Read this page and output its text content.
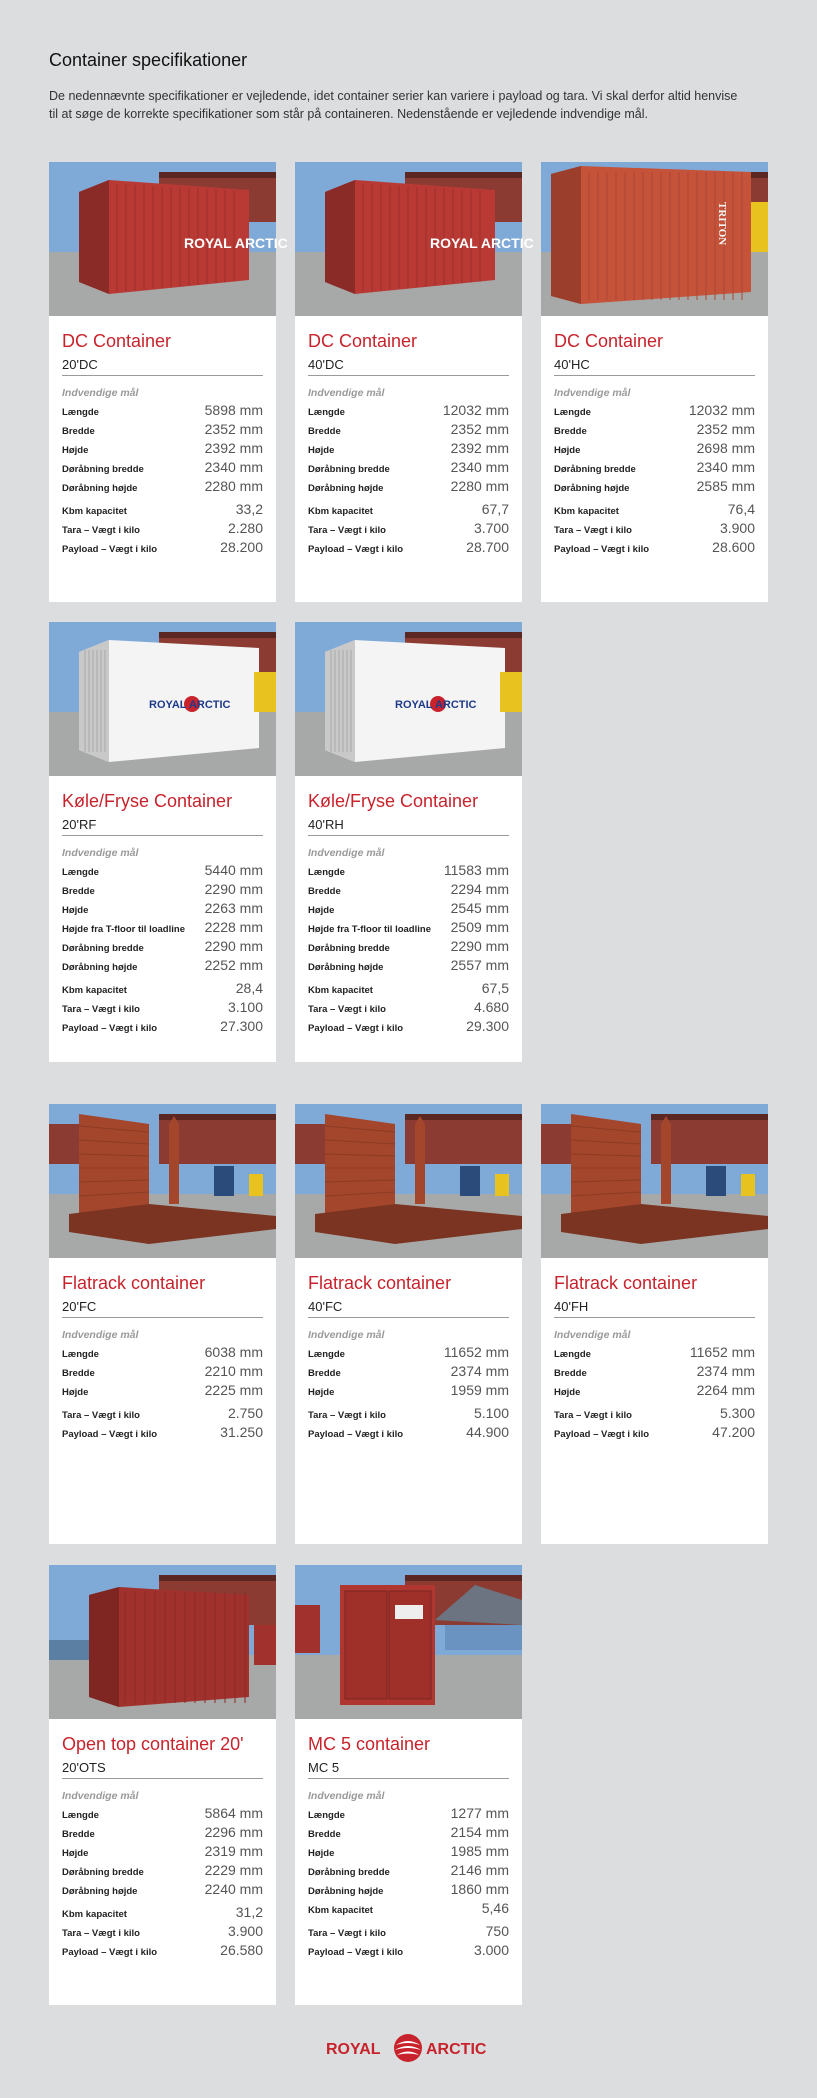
Container specifikationer

De nedennævnte specifikationer er vejledende, idet container serier kan variere i payload og tara. Vi skal derfor altid henvise til at søge de korrekte specifikationer som står på containeren. Nedenstående er vejledende indvendige mål.

ROYAL ARCTIC
DC Container
20'DC
Indvendige mål
Længde	5898 mm
Bredde	2352 mm
Højde	2392 mm
Døråbning bredde	2340 mm
Døråbning højde	2280 mm
Kbm kapacitet	33,2
Tara – Vægt i kilo	2.280
Payload – Vægt i kilo	28.200
ROYAL ARCTIC
DC Container
40'DC
Indvendige mål
Længde	12032 mm
Bredde	2352 mm
Højde	2392 mm
Døråbning bredde	2340 mm
Døråbning højde	2280 mm
Kbm kapacitet	67,7
Tara – Vægt i kilo	3.700
Payload – Vægt i kilo	28.700
TRITON
DC Container
40'HC
Indvendige mål
Længde	12032 mm
Bredde	2352 mm
Højde	2698 mm
Døråbning bredde	2340 mm
Døråbning højde	2585 mm
Kbm kapacitet	76,4
Tara – Vægt i kilo	3.900
Payload – Vægt i kilo	28.600
ROYAL ARCTIC
Køle/Fryse Container
20'RF
Indvendige mål
Længde	5440 mm
Bredde	2290 mm
Højde	2263 mm
Højde fra T-floor til loadline 2228 mm
Døråbning bredde	2290 mm
Døråbning højde	2252 mm
Kbm kapacitet	28,4
Tara – Vægt i kilo	3.100
Payload – Vægt i kilo	27.300
ROYAL ARCTIC
Køle/Fryse Container
40'RH
Indvendige mål
Længde	11583 mm
Bredde	2294 mm
Højde	2545 mm
Højde fra T-floor til loadline 2509 mm
Døråbning bredde	2290 mm
Døråbning højde	2557 mm
Kbm kapacitet	67,5
Tara – Vægt i kilo	4.680
Payload – Vægt i kilo	29.300
Flatrack container
20'FC
Indvendige mål
Længde	6038 mm
Bredde	2210 mm
Højde	2225 mm
Tara – Vægt i kilo	2.750
Payload – Vægt i kilo	31.250
Flatrack container
40'FC
Indvendige mål
Længde	11652 mm
Bredde	2374 mm
Højde	1959 mm
Tara – Vægt i kilo	5.100
Payload – Vægt i kilo	44.900
Flatrack container
40'FH
Indvendige mål
Længde	11652 mm
Bredde	2374 mm
Højde	2264 mm
Tara – Vægt i kilo	5.300
Payload – Vægt i kilo	47.200
Open top container 20'
20'OTS
Indvendige mål
Længde	5864 mm
Bredde	2296 mm
Højde	2319 mm
Døråbning bredde	2229 mm
Døråbning højde	2240 mm
Kbm kapacitet	31,2
Tara – Vægt i kilo	3.900
Payload – Vægt i kilo	26.580
MC 5 container
MC 5
Indvendige mål
Længde	1277 mm
Bredde	2154 mm
Højde	1985 mm
Døråbning bredde	2146 mm
Døråbning højde	1860 mm
Kbm kapacitet	5,46
Tara – Vægt i kilo	750
Payload – Vægt i kilo	3.000
ROYAL	ARCTIC
